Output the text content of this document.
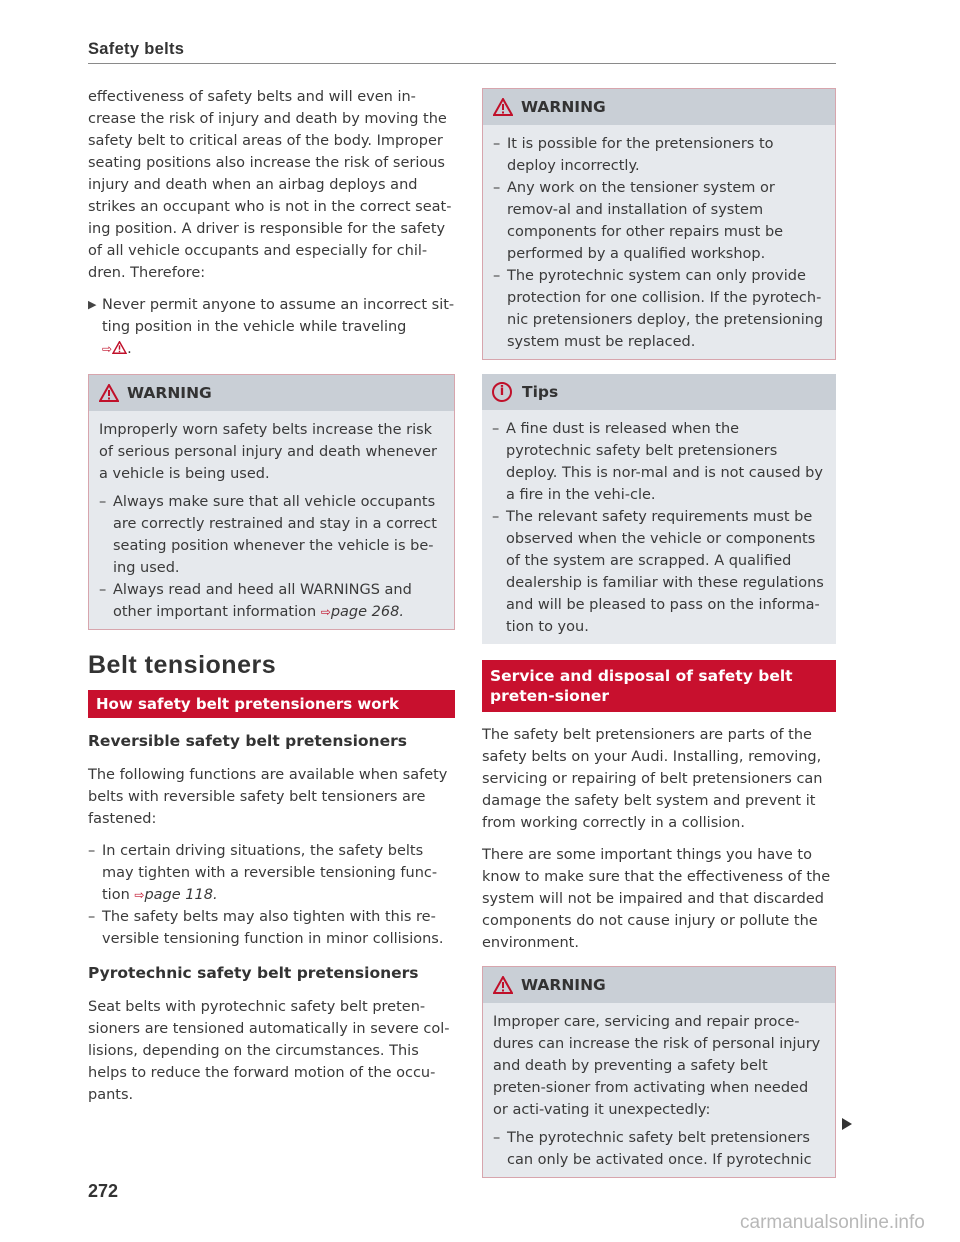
Safety belts

effectiveness of safety belts and will even in-crease the risk of injury and death by moving the safety belt to critical areas of the body. Improper seating positions also increase the risk of serious injury and death when an airbag deploys and strikes an occupant who is not in the correct seat-ing position. A driver is responsible for the safety of all vehicle occupants and especially for chil-dren. Therefore:

▶ Never permit anyone to assume an incorrect sit-ting position in the vehicle while traveling
⇨ .
WARNING

Improperly worn safety belts increase the risk of serious personal injury and death whenever a vehicle is being used.

– Always make sure that all vehicle occupants are correctly restrained and stay in a correct seating position whenever the vehicle is be-ing used.
– Always read and heed all WARNINGS and other important information ⇨page 268.
Belt tensioners
How safety belt pretensioners work
Reversible safety belt pretensioners

The following functions are available when safety belts with reversible safety belt tensioners are fastened:

– In certain driving situations, the safety belts may tighten with a reversible tensioning func-tion ⇨page 118.
– The safety belts may also tighten with this re-versible tensioning function in minor collisions.
Pyrotechnic safety belt pretensioners

Seat belts with pyrotechnic safety belt preten-sioners are tensioned automatically in severe col-lisions, depending on the circumstances. This helps to reduce the forward motion of the occu-pants.

WARNING
– It is possible for the pretensioners to deploy incorrectly.
– Any work on the tensioner system or remov-al and installation of system components for other repairs must be performed by a qualified workshop.
– The pyrotechnic system can only provide protection for one collision. If the pyrotech-nic pretensioners deploy, the pretensioning system must be replaced.
i	Tips
– A fine dust is released when the pyrotechnic safety belt pretensioners deploy. This is nor-mal and is not caused by a fire in the vehi-cle.
– The relevant safety requirements must be observed when the vehicle or components of the system are scrapped. A qualified dealership is familiar with these regulations and will be pleased to pass on the informa-tion to you.
Service and disposal of safety belt preten-sioner

The safety belt pretensioners are parts of the safety belts on your Audi. Installing, removing, servicing or repairing of belt pretensioners can damage the safety belt system and prevent it from working correctly in a collision.

There are some important things you have to know to make sure that the effectiveness of the system will not be impaired and that discarded components do not cause injury or pollute the environment.

WARNING

Improper care, servicing and repair proce-dures can increase the risk of personal injury and death by preventing a safety belt preten-sioner from activating when needed or acti-vating it unexpectedly:

– The pyrotechnic safety belt pretensioners can only be activated once. If pyrotechnic
272
carmanualsonline.info
